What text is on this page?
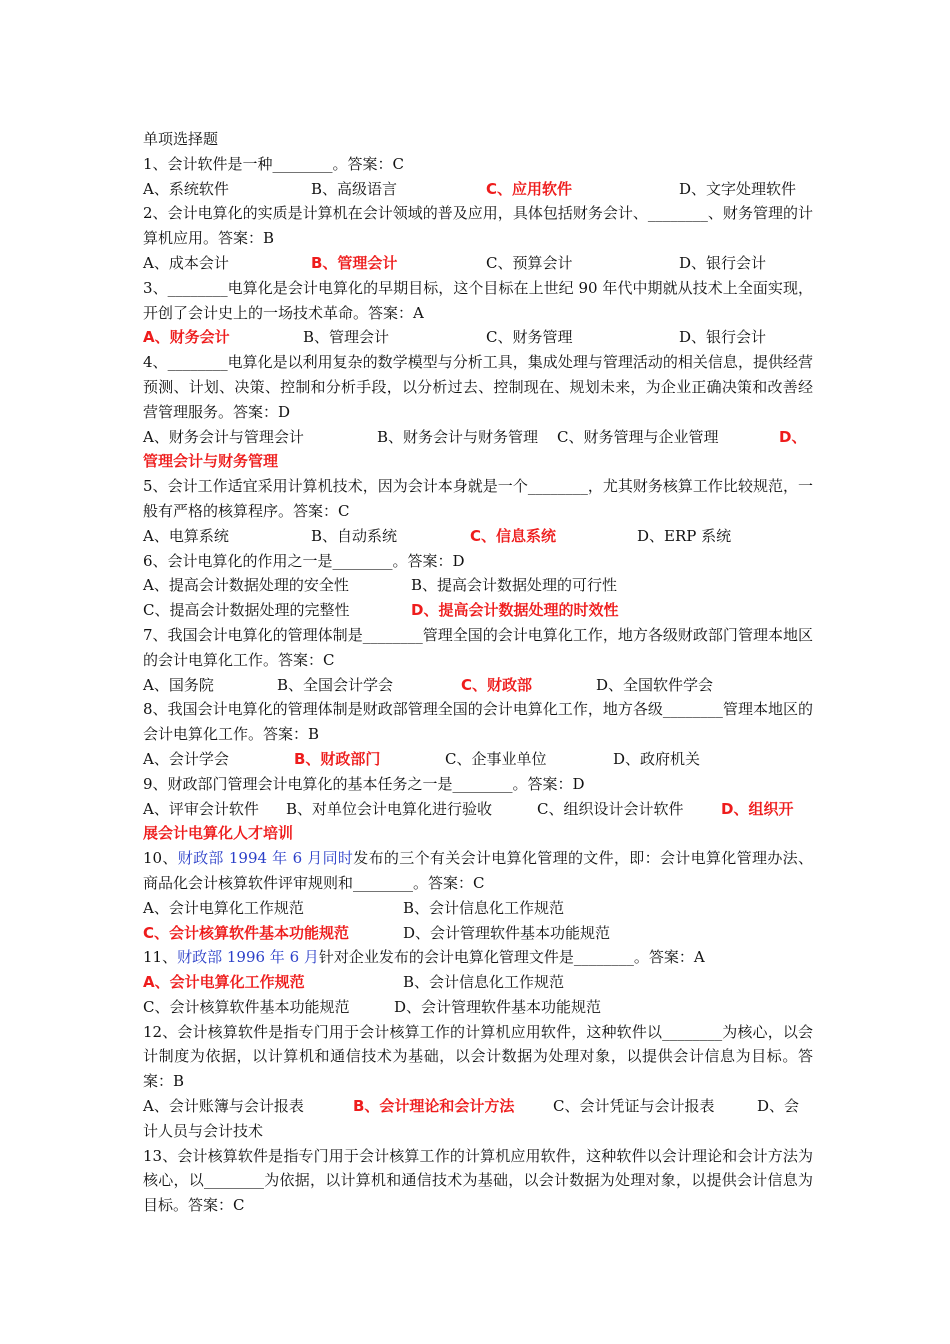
单项选择题
1、会计软件是一种________。答案：C
A、系统软件	B、高级语言	C、应用软件	D、文字处理软件
2、会计电算化的实质是计算机在会计领域的普及应用，具体包括财务会计、________、财务管理的计算机应用。答案：B
A、成本会计	B、管理会计	C、预算会计	D、银行会计
3、________电算化是会计电算化的早期目标，这个目标在上世纪 90 年代中期就从技术上全面实现，开创了会计史上的一场技术革命。答案：A
A、财务会计	B、管理会计	C、财务管理	D、银行会计
4、________电算化是以利用复杂的数学模型与分析工具，集成处理与管理活动的相关信息，提供经营预测、计划、决策、控制和分析手段，以分析过去、控制现在、规划未来，为企业正确决策和改善经营管理服务。答案：D
A、财务会计与管理会计	B、财务会计与财务管理 C、财务管理与企业管理	D、
管理会计与财务管理
5、会计工作适宜采用计算机技术，因为会计本身就是一个________，尤其财务核算工作比较规范，一般有严格的核算程序。答案：C
A、电算系统	B、自动系统	C、信息系统	D、ERP 系统
6、会计电算化的作用之一是________。答案：D
A、提高会计数据处理的安全性	B、提高会计数据处理的可行性
C、提高会计数据处理的完整性	D、提高会计数据处理的时效性
7、我国会计电算化的管理体制是________管理全国的会计电算化工作，地方各级财政部门管理本地区的会计电算化工作。答案：C
A、国务院	B、全国会计学会	C、财政部	D、全国软件学会
8、我国会计电算化的管理体制是财政部管理全国的会计电算化工作，地方各级________管理本地区的会计电算化工作。答案：B
A、会计学会	B、财政部门	C、企事业单位	D、政府机关
9、财政部门管理会计电算化的基本任务之一是________。答案：D
A、评审会计软件 B、对单位会计电算化进行验收	C、组织设计会计软件	D、组织开
展会计电算化人才培训
10、财政部 1994 年 6 月同时发布的三个有关会计电算化管理的文件，即：会计电算化管理办法、商品化会计核算软件评审规则和________。答案：C
A、会计电算化工作规范	B、会计信息化工作规范
C、会计核算软件基本功能规范	D、会计管理软件基本功能规范
11、财政部 1996 年 6 月针对企业发布的会计电算化管理文件是________。答案：A
A、会计电算化工作规范	B、会计信息化工作规范
C、会计核算软件基本功能规范	D、会计管理软件基本功能规范
12、会计核算软件是指专门用于会计核算工作的计算机应用软件，这种软件以________为核心，以会计制度为依据，以计算机和通信技术为基础，以会计数据为处理对象，以提供会计信息为目标。答案：B
A、会计账簿与会计报表	B、会计理论和会计方法	C、会计凭证与会计报表	D、会
计人员与会计技术
13、会计核算软件是指专门用于会计核算工作的计算机应用软件，这种软件以会计理论和会计方法为核心，以________为依据，以计算机和通信技术为基础，以会计数据为处理对象，以提供会计信息为目标。答案：C
